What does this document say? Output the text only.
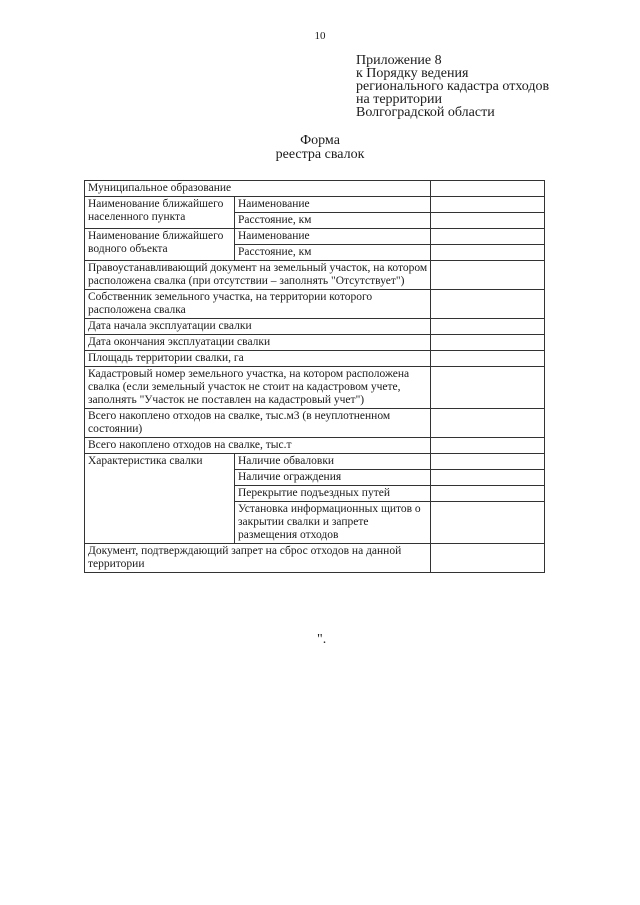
10
Приложение 8
к Порядку ведения
регионального кадастра отходов
на территории
Волгоградской области
Форма
реестра свалок
Муниципальное образование		
Наименование ближайшего населенного пункта	Наименование	
	Расстояние, км	
Наименование ближайшего водного объекта	Наименование	
	Расстояние, км	
Правоустанавливающий документ на земельный участок, на котором расположена свалка (при отсутствии – заполнять "Отсутствует")		
Собственник земельного участка, на территории которого расположена свалка		
Дата начала эксплуатации свалки		
Дата окончания эксплуатации свалки		
Площадь территории свалки, га		
Кадастровый номер земельного участка, на котором расположена свалка (если земельный участок не стоит на кадастровом учете, заполнять "Участок не поставлен на кадастровый учет")		
Всего накоплено отходов на свалке, тыс.м3 (в неуплотненном состоянии)		
Всего накоплено отходов на свалке, тыс.т		
Характеристика свалки	Наличие обваловки	
	Наличие ограждения	
	Перекрытие подъездных путей	
	Установка информационных щитов о закрытии свалки и запрете размещения отходов	
Документ, подтверждающий запрет на сброс отходов на данной территории		
".
